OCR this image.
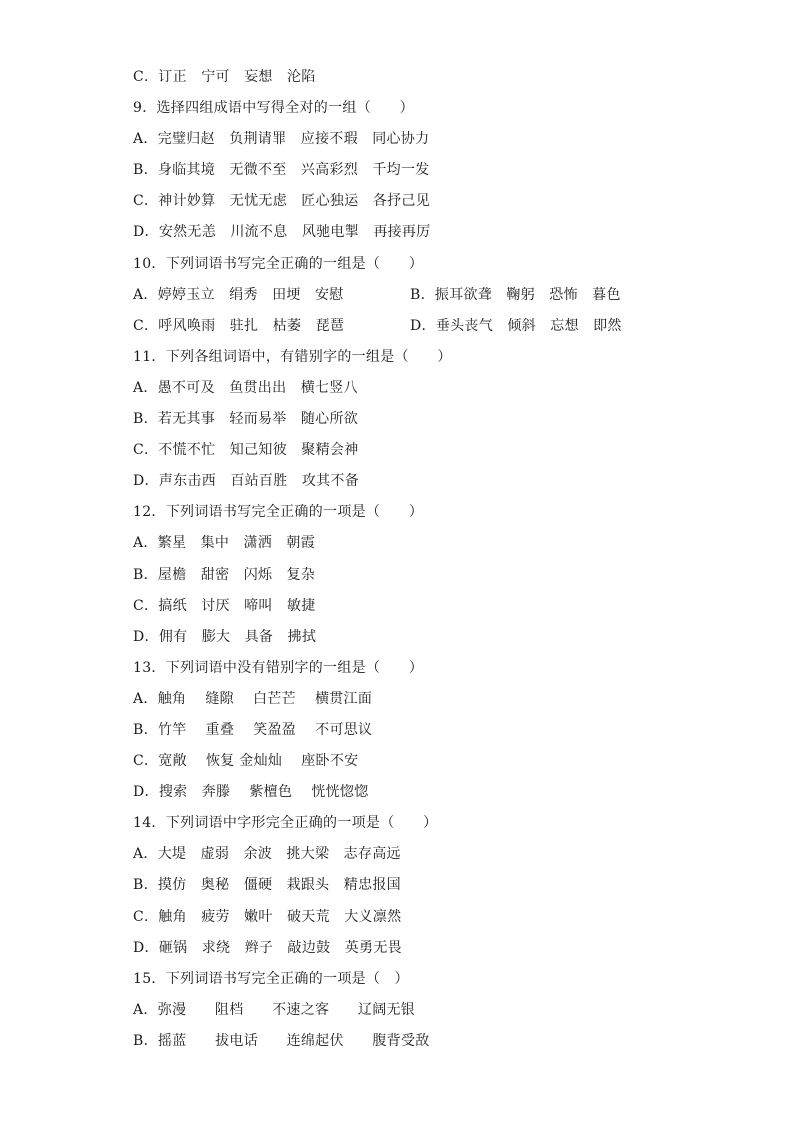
C．订正　宁可　妄想　沦陷
9．选择四组成语中写得全对的一组（　　）
A．完璧归赵　负荆请罪　应接不瑕　同心协力
B．身临其境　无微不至　兴高彩烈　千均一发
C．神计妙算　无忧无虑　匠心独运　各抒己见
D．安然无恙　川流不息　风驰电掣　再接再厉
10．下列词语书写完全正确的一组是（　　）
A．婷婷玉立　绢秀　田埂　安慰	B．振耳欲聋　鞠躬　恐怖　暮色
C．呼风唤雨　驻扎　枯萎　琵琶	D．垂头丧气　倾斜　忘想　即然
11．下列各组词语中，有错别字的一组是（　　）
A．愚不可及　鱼贯出出　横七竖八
B．若无其事　轻而易举　随心所欲
C．不慌不忙　知己知彼　聚精会神
D．声东击西　百站百胜　攻其不备
12．下列词语书写完全正确的一项是（　　）
A．繁星　集中　潇洒　朝霞
B．屋檐　甜密　闪烁　复杂
C．搞纸　讨厌　啼叫　敏捷
D．佣有　膨大　具备　拂拭
13．下列词语中没有错别字的一组是（　　）
A．触角　 缝隙　 白芒芒　 横贯江面
B．竹竿　 重叠　 笑盈盈　 不可思议
C．宽敞　 恢复 金灿灿　 座卧不安
D．搜索　奔滕　 紫檀色　 恍恍惚惚
14．下列词语中字形完全正确的一项是（　　）
A．大堤　虚弱　余波　挑大梁　志存高远
B．摸仿　奥秘　僵硬　栽跟头　精忠报国
C．触角　疲劳　嫩叶　破天荒　大义凛然
D．砸锅　求绕　辫子　敲边鼓　英勇无畏
15．下列词语书写完全正确的一项是（　）
A．弥漫　　阻档　　不速之客　　辽阔无银
B．摇蓝　　拔电话　　连绵起伏　　腹背受敌
